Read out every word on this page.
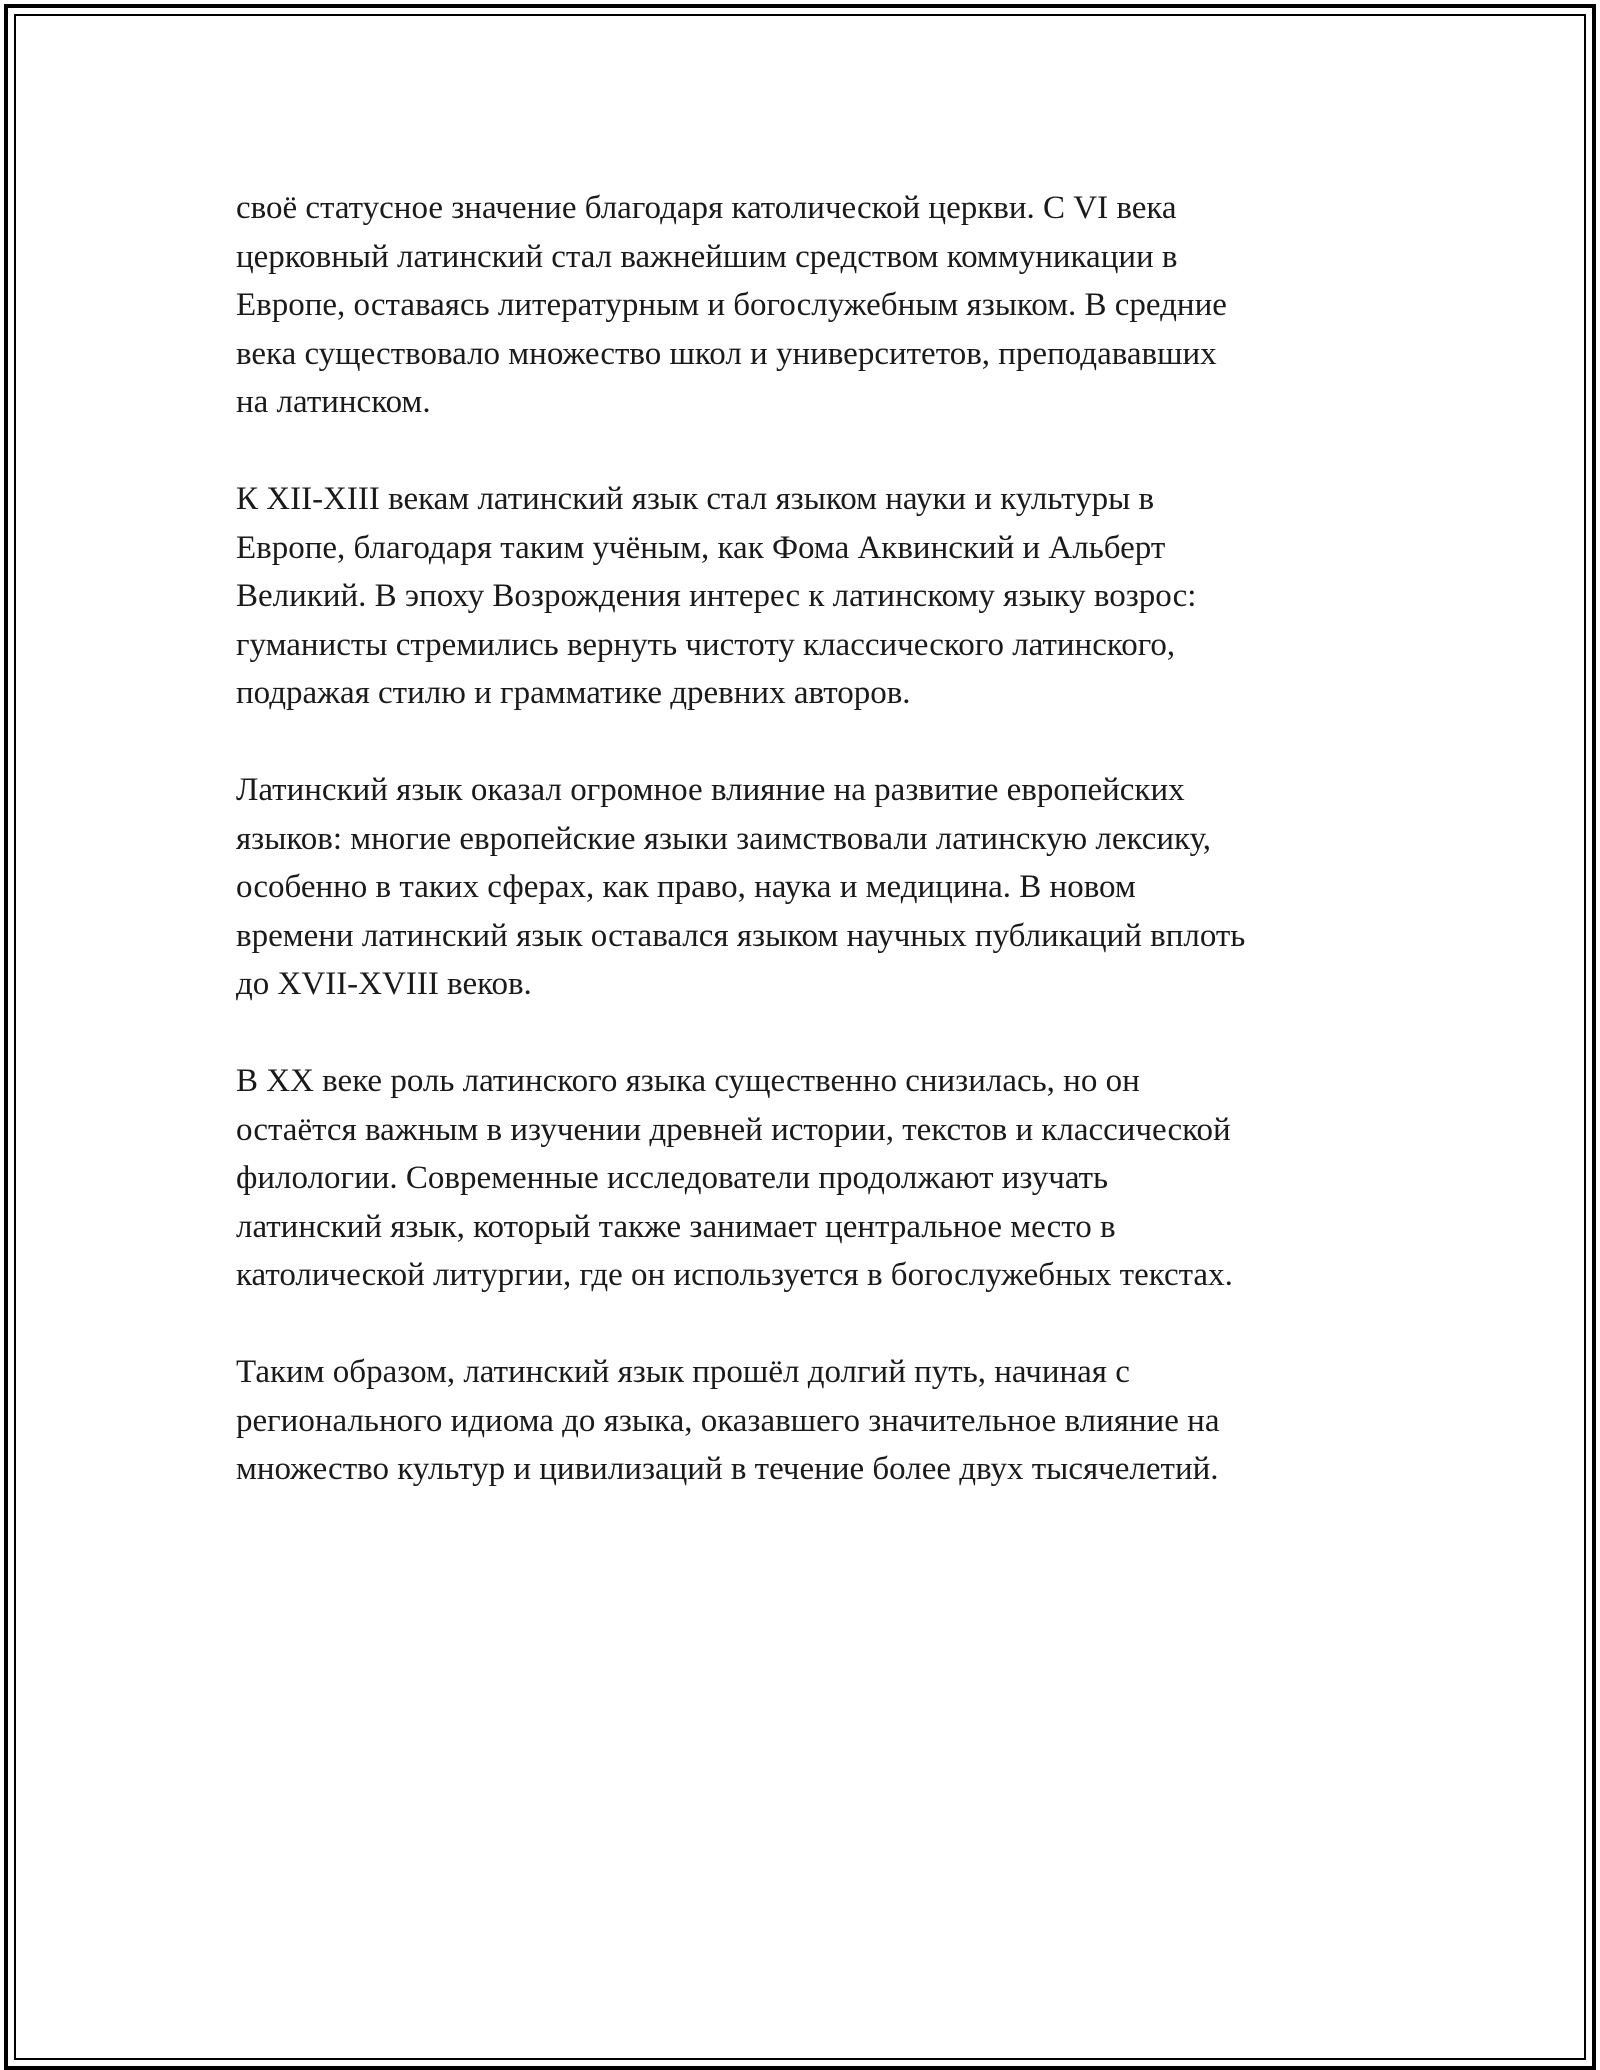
своё статусное значение благодаря католической церкви. С VI века
церковный латинский стал важнейшим средством коммуникации в
Европе, оставаясь литературным и богослужебным языком. В средние
века существовало множество школ и университетов, преподававших
на латинском.

К XII-XIII векам латинский язык стал языком науки и культуры в
Европе, благодаря таким учёным, как Фома Аквинский и Альберт
Великий. В эпоху Возрождения интерес к латинскому языку возрос:
гуманисты стремились вернуть чистоту классического латинского,
подражая стилю и грамматике древних авторов.

Латинский язык оказал огромное влияние на развитие европейских
языков: многие европейские языки заимствовали латинскую лексику,
особенно в таких сферах, как право, наука и медицина. В новом
времени латинский язык оставался языком научных публикаций вплоть
до XVII-XVIII веков.

В XX веке роль латинского языка существенно снизилась, но он
остаётся важным в изучении древней истории, текстов и классической
филологии. Современные исследователи продолжают изучать
латинский язык, который также занимает центральное место в
католической литургии, где он используется в богослужебных текстах.

Таким образом, латинский язык прошёл долгий путь, начиная с
регионального идиома до языка, оказавшего значительное влияние на
множество культур и цивилизаций в течение более двух тысячелетий.
